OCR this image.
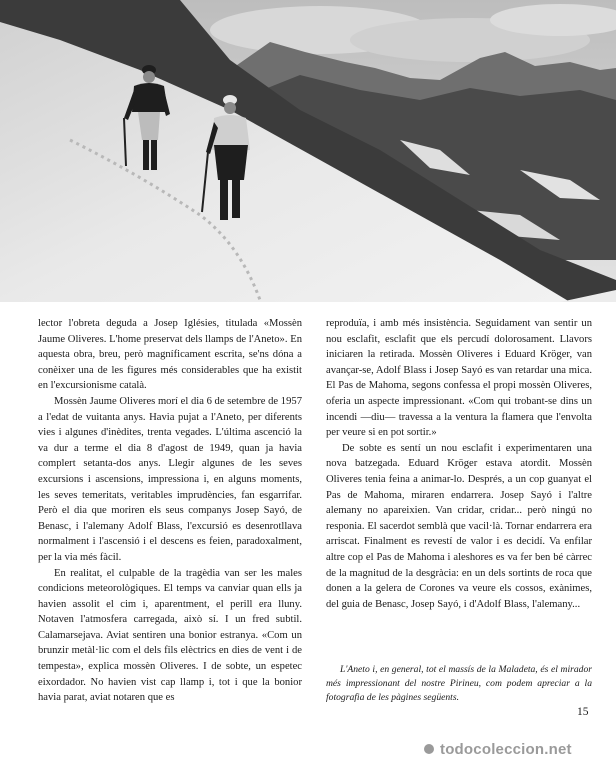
lector l'obreta deguda a Josep Iglésies, titulada «Mossèn Jaume Oliveres. L'home preservat dels llamps de l'Aneto». En aquesta obra, breu, però magníficament escrita, se'ns dóna a conèixer una de les figures més considerables que ha existit en l'excursionisme català.

Mossèn Jaume Oliveres morí el dia 6 de setembre de 1957 a l'edat de vuitanta anys. Havia pujat a l'Aneto, per diferents vies i algunes d'inèdites, trenta vegades. L'última ascenció la va dur a terme el dia 8 d'agost de 1949, quan ja havia complert setanta-dos anys. Llegir algunes de les seves excursions i ascensions, impressiona i, en alguns moments, les seves temeritats, veritables imprudències, fan esgarrifar. Però el dia que moriren els seus companys Josep Sayó, de Benasc, i l'alemany Adolf Blass, l'excursió es desenrotllava normalment i l'ascensió i el descens es feien, paradoxalment, per la via més fàcil.

En realitat, el culpable de la tragèdia van ser les males condicions meteorològiques. El temps va canviar quan ells ja havien assolit el cim i, aparentment, el perill era lluny. Notaven l'atmosfera carregada, això sí. I un fred subtil. Calamarsejava. Aviat sentiren una bonior estranya. «Com un brunzir metàl·lic com el dels fils elèctrics en dies de vent i de tempesta», explica mossèn Oliveres. I de sobte, un espetec eixordador. No havien vist cap llamp i, tot i que la bonior havia parat, aviat notaren que es

reproduïa, i amb més insistència. Seguidament van sentir un nou esclafit, esclafit que els percudí dolorosament. Llavors iniciaren la retirada. Mossèn Oliveres i Eduard Kröger, van avançar-se, Adolf Blass i Josep Sayó es van retardar una mica. El Pas de Mahoma, segons confessa el propi mossèn Oliveres, oferia un aspecte impressionant. «Com qui trobant-se dins un incendi —diu— travessa a la ventura la flamera que l'envolta per veure si en pot sortir.»

De sobte es sentí un nou esclafit i experimentaren una nova batzegada. Eduard Kröger estava atordit. Mossèn Oliveres tenia feina a animar-lo. Després, a un cop guanyat el Pas de Mahoma, miraren endarrera. Josep Sayó i l'altre alemany no apareixien. Van cridar, cridar... però ningú no responia. El sacerdot semblà que vacil·là. Tornar endarrera era arriscat. Finalment es revestí de valor i es decidí. Va enfilar altre cop el Pas de Mahoma i aleshores es va fer ben bé càrrec de la magnitud de la desgràcia: en un dels sortints de roca que donen a la gelera de Corones va veure els cossos, exànimes, del guia de Benasc, Josep Sayó, i d'Adolf Blass, l'alemany...

L'Aneto i, en general, tot el massís de la Maladeta, és el mirador més impressionant del nostre Pirineu, com podem apreciar a la fotografia de les pàgines següents.

15
todocoleccion.net
